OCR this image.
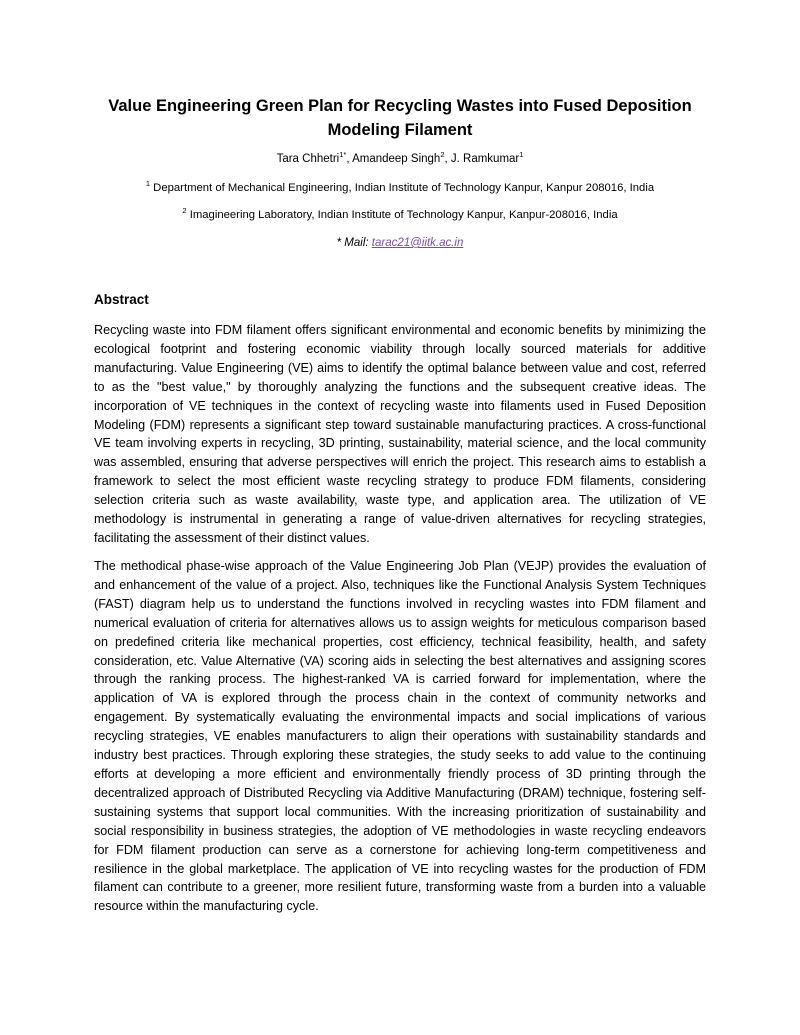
Value Engineering Green Plan for Recycling Wastes into Fused Deposition Modeling Filament
Tara Chhetri$^{1*}$, Amandeep Singh$^2$, J. Ramkumar$^1$
$^1$ Department of Mechanical Engineering, Indian Institute of Technology Kanpur, Kanpur 208016, India
$^2$ Imagineering Laboratory, Indian Institute of Technology Kanpur, Kanpur-208016, India
* Mail: tarac21@iitk.ac.in
Abstract

Recycling waste into FDM filament offers significant environmental and economic benefits by minimizing the ecological footprint and fostering economic viability through locally sourced materials for additive manufacturing. Value Engineering (VE) aims to identify the optimal balance between value and cost, referred to as the "best value," by thoroughly analyzing the functions and the subsequent creative ideas. The incorporation of VE techniques in the context of recycling waste into filaments used in Fused Deposition Modeling (FDM) represents a significant step toward sustainable manufacturing practices. A cross-functional VE team involving experts in recycling, 3D printing, sustainability, material science, and the local community was assembled, ensuring that adverse perspectives will enrich the project. This research aims to establish a framework to select the most efficient waste recycling strategy to produce FDM filaments, considering selection criteria such as waste availability, waste type, and application area. The utilization of VE methodology is instrumental in generating a range of value-driven alternatives for recycling strategies, facilitating the assessment of their distinct values.

The methodical phase-wise approach of the Value Engineering Job Plan (VEJP) provides the evaluation of and enhancement of the value of a project. Also, techniques like the Functional Analysis System Techniques (FAST) diagram help us to understand the functions involved in recycling wastes into FDM filament and numerical evaluation of criteria for alternatives allows us to assign weights for meticulous comparison based on predefined criteria like mechanical properties, cost efficiency, technical feasibility, health, and safety consideration, etc. Value Alternative (VA) scoring aids in selecting the best alternatives and assigning scores through the ranking process. The highest-ranked VA is carried forward for implementation, where the application of VA is explored through the process chain in the context of community networks and engagement. By systematically evaluating the environmental impacts and social implications of various recycling strategies, VE enables manufacturers to align their operations with sustainability standards and industry best practices. Through exploring these strategies, the study seeks to add value to the continuing efforts at developing a more efficient and environmentally friendly process of 3D printing through the decentralized approach of Distributed Recycling via Additive Manufacturing (DRAM) technique, fostering self-sustaining systems that support local communities. With the increasing prioritization of sustainability and social responsibility in business strategies, the adoption of VE methodologies in waste recycling endeavors for FDM filament production can serve as a cornerstone for achieving long-term competitiveness and resilience in the global marketplace. The application of VE into recycling wastes for the production of FDM filament can contribute to a greener, more resilient future, transforming waste from a burden into a valuable resource within the manufacturing cycle.
